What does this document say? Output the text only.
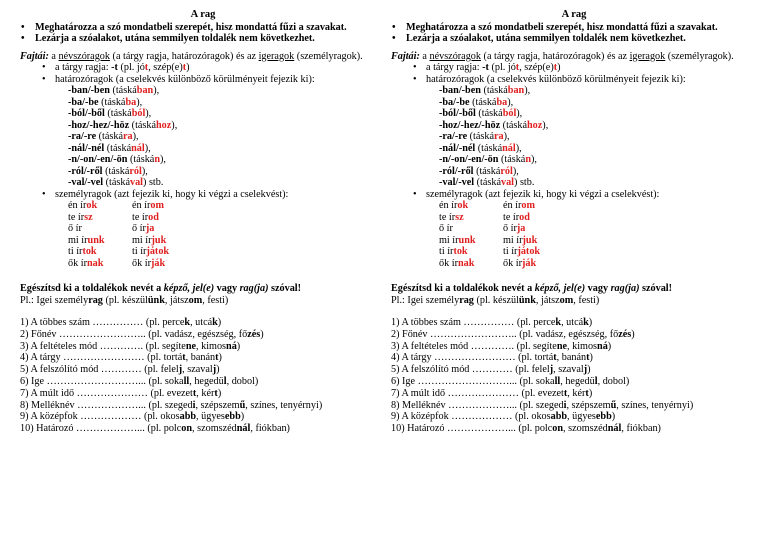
A rag
• Meghatározza a szó mondatbeli szerepét, hisz mondattá fűzi a szavakat.
• Lezárja a szóalakot, utána semmilyen toldalék nem következhet.
Fajtái: a névszóragok (a tárgy ragja, határozóragok) és az igeragok (személyragok).
• a tárgy ragja: -t (pl. jót, szép(e)t)
• határozóragok (a cselekvés különböző körülményeit fejezik ki):
-ban/-ben (táskában),
-ba/-be (táskába),
-ból/-ből (táskából),
-hoz/-hez/-höz (táskához),
-ra/-re (táskára),
-nál/-nél (táskánál),
-n/-on/-en/-ön (táskán),
-ról/-ről (táskáról),
-val/-vel (táskával) stb.
• személyragok (azt fejezik ki, hogy ki végzi a cselekvést):
én írok	én írom
te írsz	te írod
ő ír	ő írja
mi írunk	mi írjuk
ti írtok	ti írjátok
ők írnak	ők írják
Egészítsd ki a toldalékok nevét a képző, jel(e) vagy rag(ja) szóval!
Pl.: Igei személyrag (pl. készülünk, játszom, festi)
1) A többes szám …………… (pl. percek, utcák)
2) Főnév …………………….. (pl. vadász, egészség, főzés)
3) A feltételes mód …………. (pl. segítene, kimosná)
4) A tárgy …………………… (pl. tortát, banánt)
5) A felszólító mód ………… (pl. felelj, szavalj)
6) Ige ………………………... (pl. sokall, hegedül, dobol)
7) A múlt idő ………………… (pl. evezett, kért)
8) Melléknév ………………... (pl. szegedi, szépszemű, színes, tenyérnyi)
9) A középfok ……………… (pl. okosabb, ügyesebb)
10) Határozó ………………... (pl. polcon, szomszédnál, fiókban)
A rag
• Meghatározza a szó mondatbeli szerepét, hisz mondattá fűzi a szavakat.
• Lezárja a szóalakot, utána semmilyen toldalék nem következhet.
Fajtái: a névszóragok (a tárgy ragja, határozóragok) és az igeragok (személyragok).
• a tárgy ragja: -t (pl. jót, szép(e)t)
• határozóragok (a cselekvés különböző körülményeit fejezik ki):
-ban/-ben (táskában),
-ba/-be (táskába),
-ból/-ből (táskából),
-hoz/-hez/-höz (táskához),
-ra/-re (táskára),
-nál/-nél (táskánál),
-n/-on/-en/-ön (táskán),
-ról/-ről (táskáról),
-val/-vel (táskával) stb.
• személyragok (azt fejezik ki, hogy ki végzi a cselekvést):
én írok	én írom
te írsz	te írod
ő ír	ő írja
mi írunk	mi írjuk
ti írtok	ti írjátok
ők írnak	ők írják
Egészítsd ki a toldalékok nevét a képző, jel(e) vagy rag(ja) szóval!
Pl.: Igei személyrag (pl. készülünk, játszom, festi)
1) A többes szám …………… (pl. percek, utcák)
2) Főnév …………………….. (pl. vadász, egészség, főzés)
3) A feltételes mód …………. (pl. segítene, kimosná)
4) A tárgy …………………… (pl. tortát, banánt)
5) A felszólító mód ………… (pl. felelj, szavalj)
6) Ige ………………………... (pl. sokall, hegedül, dobol)
7) A múlt idő ………………… (pl. evezett, kért)
8) Melléknév ………………... (pl. szegedi, szépszemű, színes, tenyérnyi)
9) A középfok ……………… (pl. okosabb, ügyesebb)
10) Határozó ………………... (pl. polcon, szomszédnál, fiókban)
